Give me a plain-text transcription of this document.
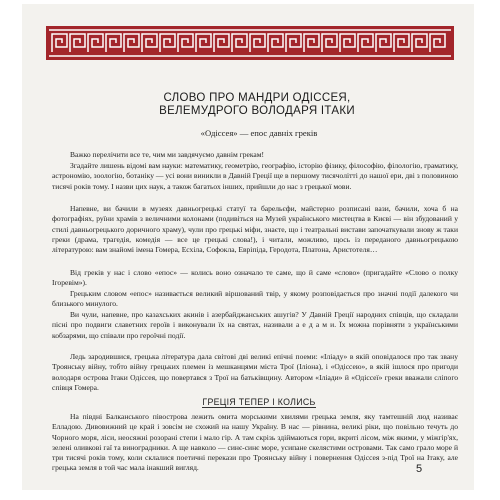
СЛОВО ПРО МАНДРИ ОДІССЕЯ,
ВЕЛЕМУДРОГО ВОЛОДАРЯ ІТАКИ
«Одіссея» — епос давніх греків

Важко перелічити все те, чим ми завдячуємо давнім грекам!

Згадайте лишень відомі вам науки: математику, геометрію, географію, історію фізику, філософію, філологію, граматику, астрономію, зоологію, ботаніку — усі вони виникли в Давній Греції ще в першому тисячолітті до нашої ери, дві з половиною тисячі років тому. І назви цих наук, а також багатьох інших, прийшли до нас з грецької мови.

Напевне, ви бачили в музеях давньогрецькі статуї та барельєфи, майстерно розписані вази, бачили, хоча б на фотографіях, руїни храмів з величними колонами (подивіться на Музей українського мистецтва в Києві — він збудований у стилі давньогрецького доричного храму), чули про грецькі міфи, знаєте, що і театральні вистави започаткували знову ж таки греки (драма, трагедія, комедія — все це грецькі слова!), і читали, можливо, щось із переданого давньогрецькою літературою: вам знайомі імена Гомера, Есхіла, Софокла, Евріпіда, Геродота, Платона, Аристотеля…

Від греків у нас і слово «епос» — колись воно означало те саме, що й саме «слово» (пригадайте «Слово о полку Ігоревім»).

Грецьким словом «епос» називається великий віршований твір, у якому розповідається про значні події далекого чи близького минулого.

Ви чули, напевне, про казахських акинів і азербайджанських ашугів? У Давній Греції народних співців, що складали пісні про подвиги славетних героїв і виконували їх на святах, називали а е д а м и. Їх можна порівняти з українськими кобзарями, що співали про героїчні події.

Ледь зародившися, грецька література дала світові дві великі епічні поеми: «Іліаду» в якій оповідалося про так звану Троянську війну, тобто війну грецьких племен із мешканцями міста Трої (Іліона), і «Одіссею», в якій ішлося про пригоди володаря острова Ітаки Одіссея, що повертався з Трої на батьківщину. Автором «Іліади» й «Одіссеї» греки вважали сліпого співця Гомера.

ГРЕЦІЯ ТЕПЕР І КОЛИСЬ

На півдні Балканського півострова лежить омита морськими хвилями грецька земля, яку тамтешній люд називає Елладою. Дивовижний це край і зовсім не схожий на нашу Україну. В нас — рівнина, великі ріки, що повільно течуть до Чорного моря, ліси, неосяжні розорані степи і мало гір. А там скрізь здіймаються гори, вкриті лісом, між якими, у міжгір'ях, зелені оливкові гаї та виноградники. А ще навколо — синє-синє море, усипане скелястими островами. Так само грало море й три тисячі років тому, коли склалися поетичні перекази про Троянську війну і повернення Одіссея з-під Трої на Ітаку, але грецька земля в той час мала інакший вигляд.	5
